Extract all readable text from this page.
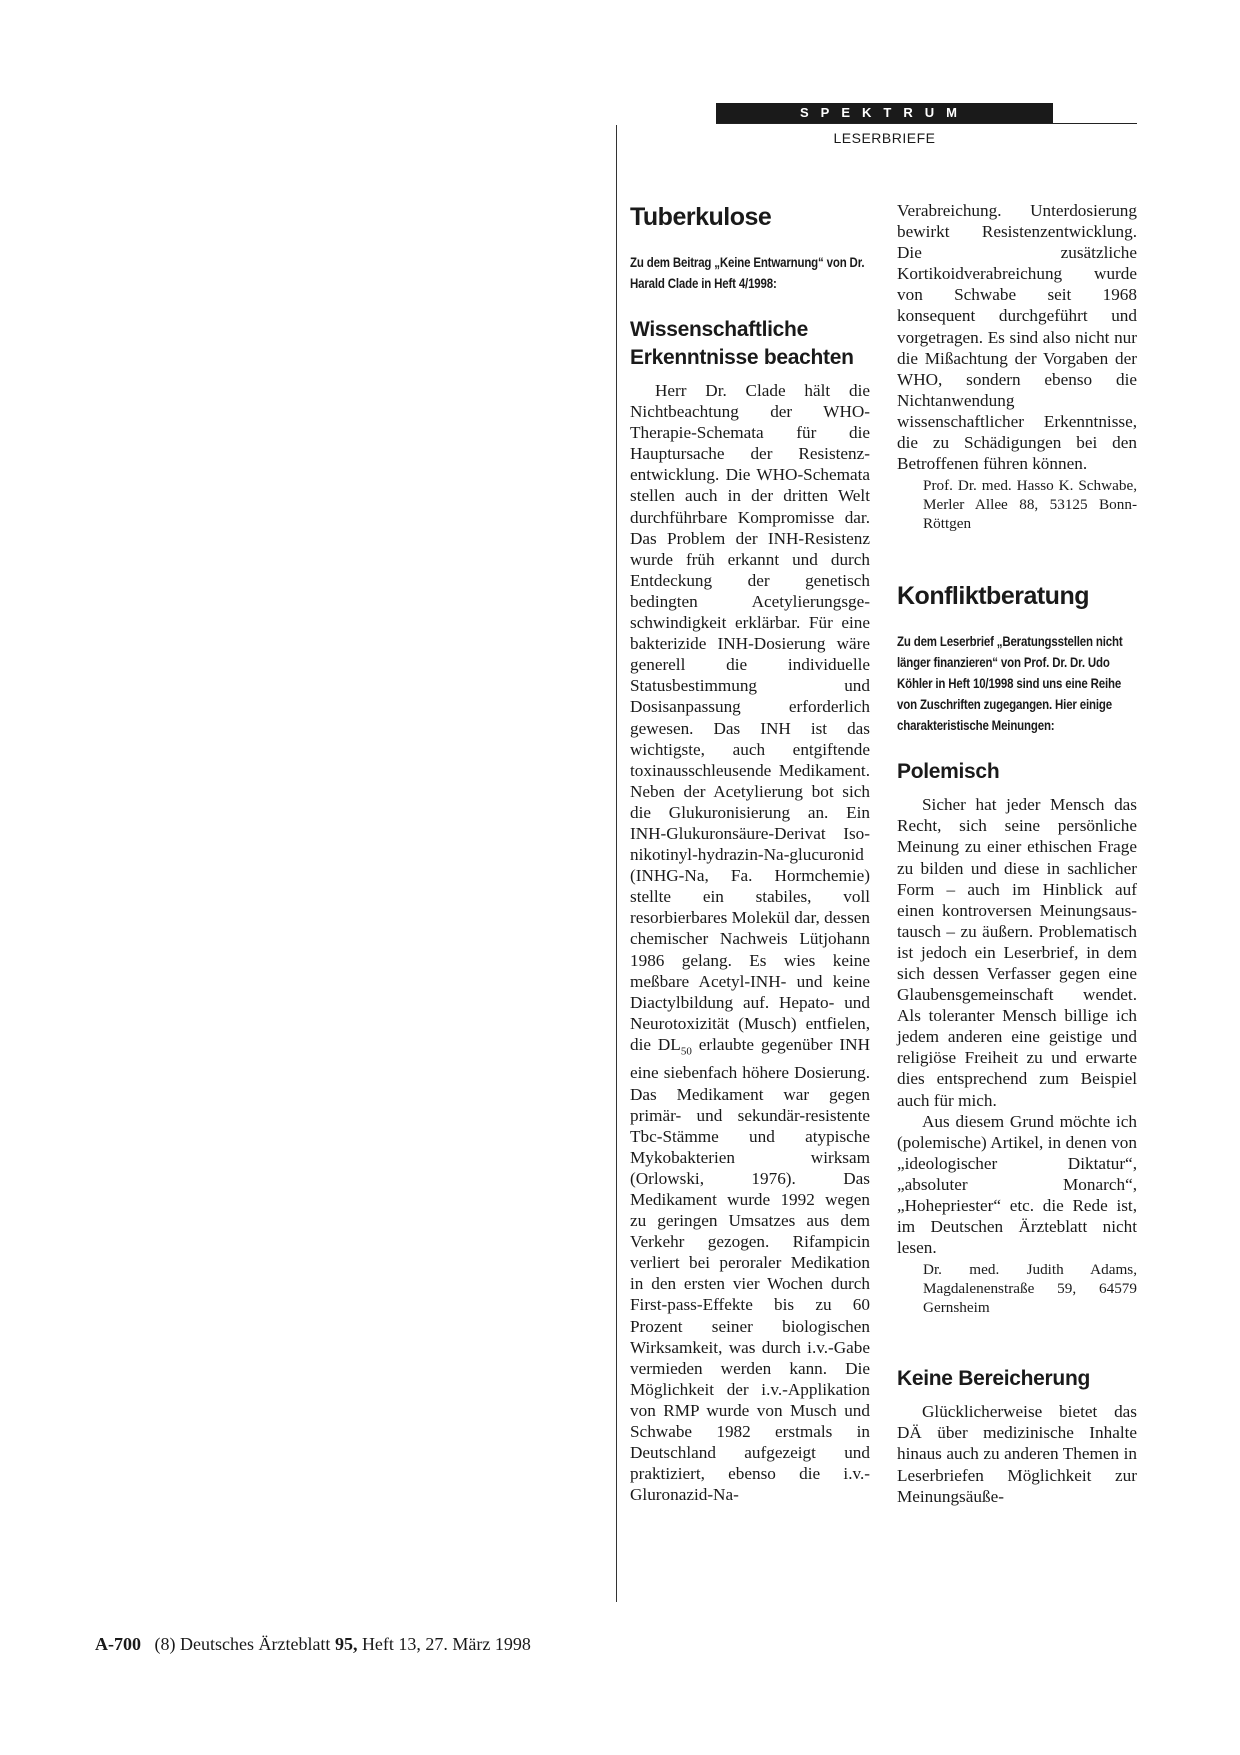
SPEKTRUM
LESERBRIEFE
Tuberkulose

Zu dem Beitrag „Keine Entwarnung“ von Dr. Harald Clade in Heft 4/1998:

Wissenschaftliche
Erkenntnisse beachten

Herr Dr. Clade hält die Nichtbeachtung der WHO-Therapie-Schemata für die Hauptursache der Resistenzentwicklung. Die WHO-Schemata stellen auch in der dritten Welt durchführbare Kompromisse dar. Das Problem der INH-Resistenz wurde früh erkannt und durch Entdeckung der genetisch bedingten Acetylierungsgeschwindigkeit erklärbar. Für eine bakterizide INH-Dosierung wäre generell die individuelle Statusbestimmung und Dosisanpassung erforderlich gewesen. Das INH ist das wichtigste, auch entgiftende toxinausschleusende Medikament. Neben der Acetylierung bot sich die Glukuronisierung an. Ein INH-Glukuronsäure-Derivat Iso-nikotinyl-hydrazin-Na-glucuronid (INHG-Na, Fa. Hormchemie) stellte ein stabiles, voll resorbierbares Molekül dar, dessen chemischer Nachweis Lütjohann 1986 gelang. Es wies keine meßbare Acetyl-INH- und keine Diactylbildung auf. Hepato- und Neurotoxizität (Musch) entfielen, die $DL_{50}$ erlaubte gegenüber INH eine siebenfach höhere Dosierung. Das Medikament war gegen primär- und sekundär-resistente Tbc-Stämme und atypische Mykobakterien wirksam (Orlowski, 1976). Das Medikament wurde 1992 wegen zu geringen Umsatzes aus dem Verkehr gezogen. Rifampicin verliert bei peroraler Medikation in den ersten vier Wochen durch First-pass-Effekte bis zu 60 Prozent seiner biologischen Wirksamkeit, was durch i.v.-Gabe vermieden werden kann. Die Möglichkeit der i.v.-Applikation von RMP wurde von Musch und Schwabe 1982 erstmals in Deutschland aufgezeigt und praktiziert, ebenso die i.v.-Gluronazid-Na-

Verabreichung. Unterdosierung bewirkt Resistenzentwicklung. Die zusätzliche Kortikoidverabreichung wurde von Schwabe seit 1968 konsequent durchgeführt und vorgetragen. Es sind also nicht nur die Mißachtung der Vorgaben der WHO, sondern ebenso die Nichtanwendung wissenschaftlicher Erkenntnisse, die zu Schädigungen bei den Betroffenen führen können.

Prof. Dr. med. Hasso K. Schwabe, Merler Allee 88, 53125 Bonn-Röttgen

Konfliktberatung

Zu dem Leserbrief „Beratungsstellen nicht länger finanzieren“ von Prof. Dr. Dr. Udo Köhler in Heft 10/1998 sind uns eine Reihe von Zuschriften zugegangen. Hier einige charakteristische Meinungen:

Polemisch

Sicher hat jeder Mensch das Recht, sich seine persönliche Meinung zu einer ethischen Frage zu bilden und diese in sachlicher Form – auch im Hinblick auf einen kontroversen Meinungsaustausch – zu äußern. Problematisch ist jedoch ein Leserbrief, in dem sich dessen Verfasser gegen eine Glaubensgemeinschaft wendet. Als toleranter Mensch billige ich jedem anderen eine geistige und religiöse Freiheit zu und erwarte dies entsprechend zum Beispiel auch für mich.

Aus diesem Grund möchte ich (polemische) Artikel, in denen von „ideologischer Diktatur“, „absoluter Monarch“, „Hohepriester“ etc. die Rede ist, im Deutschen Ärzteblatt nicht lesen.

Dr. med. Judith Adams, Magdalenenstraße 59, 64579 Gernsheim

Keine Bereicherung

Glücklicherweise bietet das DÄ über medizinische Inhalte hinaus auch zu anderen Themen in Leserbriefen Möglichkeit zur Meinungsäuße-

A-700 (8) Deutsches Ärzteblatt 95, Heft 13, 27. März 1998
